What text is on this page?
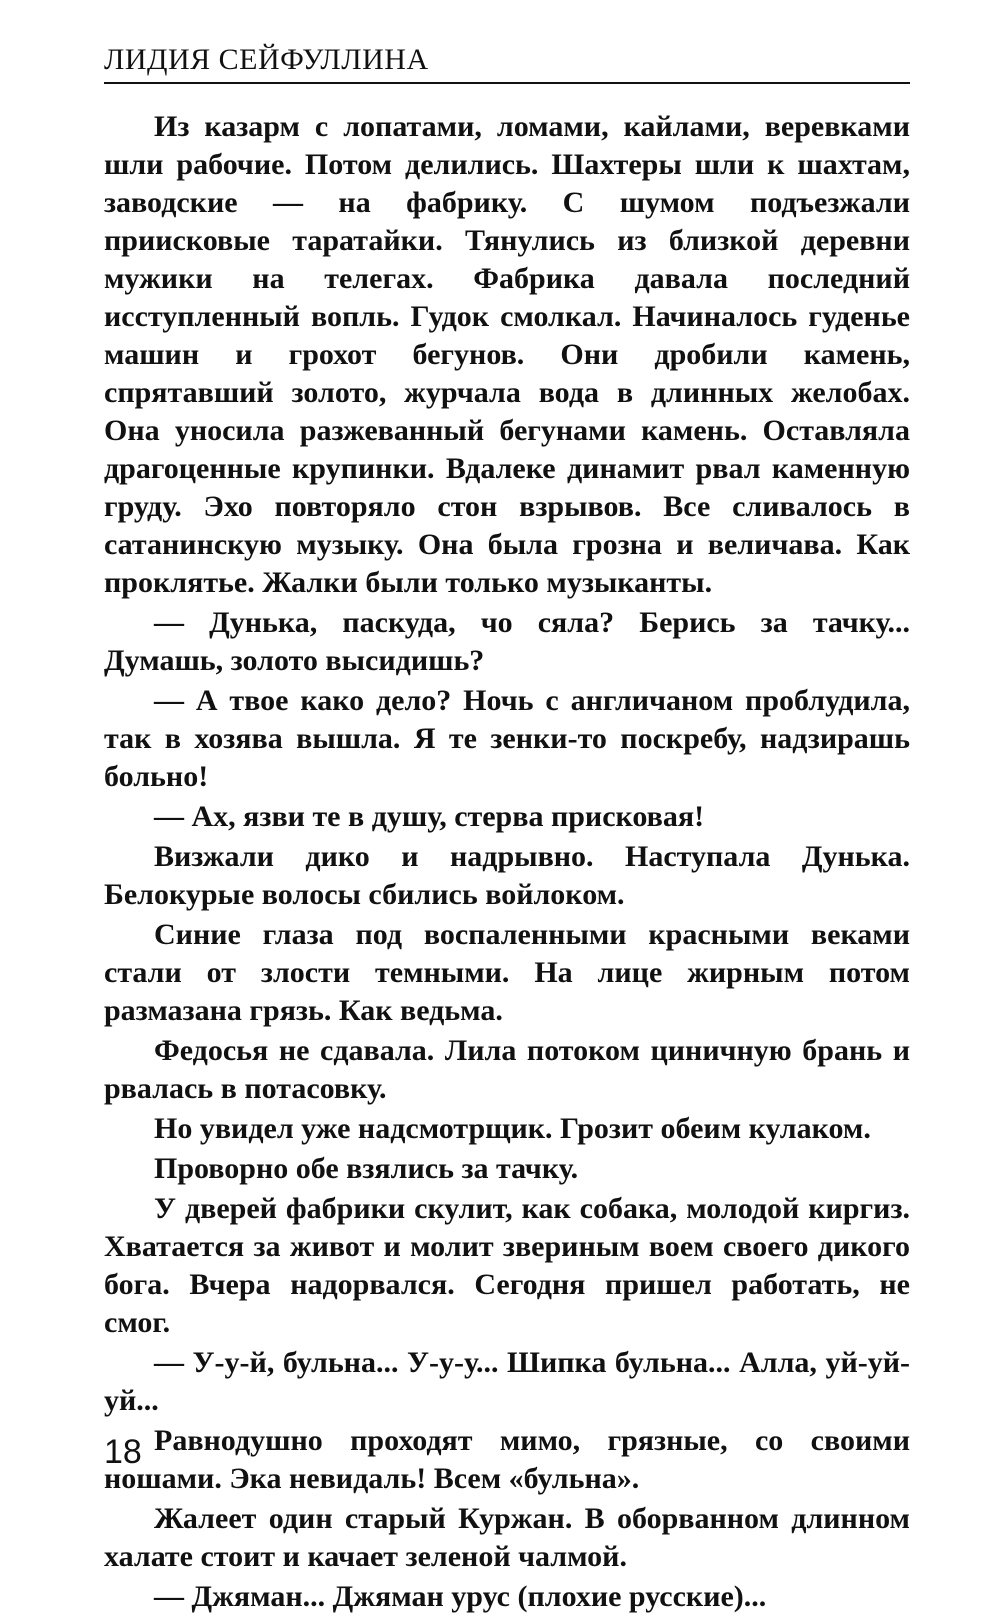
ЛИДИЯ СЕЙФУЛЛИНА

Из казарм с лопатами, ломами, кайлами, веревками шли рабочие. Потом делились. Шахтеры шли к шахтам, заводские — на фабрику. С шумом подъезжали приисковые таратайки. Тянулись из близкой деревни мужики на телегах. Фабрика давала последний исступленный вопль. Гудок смолкал. Начиналось гуденье машин и грохот бегунов. Они дробили камень, спрятавший золото, журчала вода в длинных желобах. Она уносила разжеванный бегунами камень. Оставляла драгоценные крупинки. Вдалеке динамит рвал каменную груду. Эхо повторяло стон взрывов. Все сливалось в сатанинскую музыку. Она была грозна и величава. Как проклятье. Жалки были только музыканты.

— Дунька, паскуда, чо сяла? Берись за тачку... Думашь, золото высидишь?

— А твое како дело? Ночь с англичаном проблудила, так в хозява вышла. Я те зенки-то поскребу, надзирашь больно!

— Ах, язви те в душу, стерва присковая!

Визжали дико и надрывно. Наступала Дунька. Белокурые волосы сбились войлоком.

Синие глаза под воспаленными красными веками стали от злости темными. На лице жирным потом размазана грязь. Как ведьма.

Федосья не сдавала. Лила потоком циничную брань и рвалась в потасовку.

Но увидел уже надсмотрщик. Грозит обеим кулаком.

Проворно обе взялись за тачку.

У дверей фабрики скулит, как собака, молодой киргиз. Хватается за живот и молит звериным воем своего дикого бога. Вчера надорвался. Сегодня пришел работать, не смог.

— У-у-й, бульна... У-у-у... Шипка бульна... Алла, уй-уй-уй...

Равнодушно проходят мимо, грязные, со своими ношами. Эка невидаль! Всем «бульна».

Жалеет один старый Куржан. В оборванном длинном халате стоит и качает зеленой чалмой.

— Джяман... Джяман урус (плохие русские)...

18
